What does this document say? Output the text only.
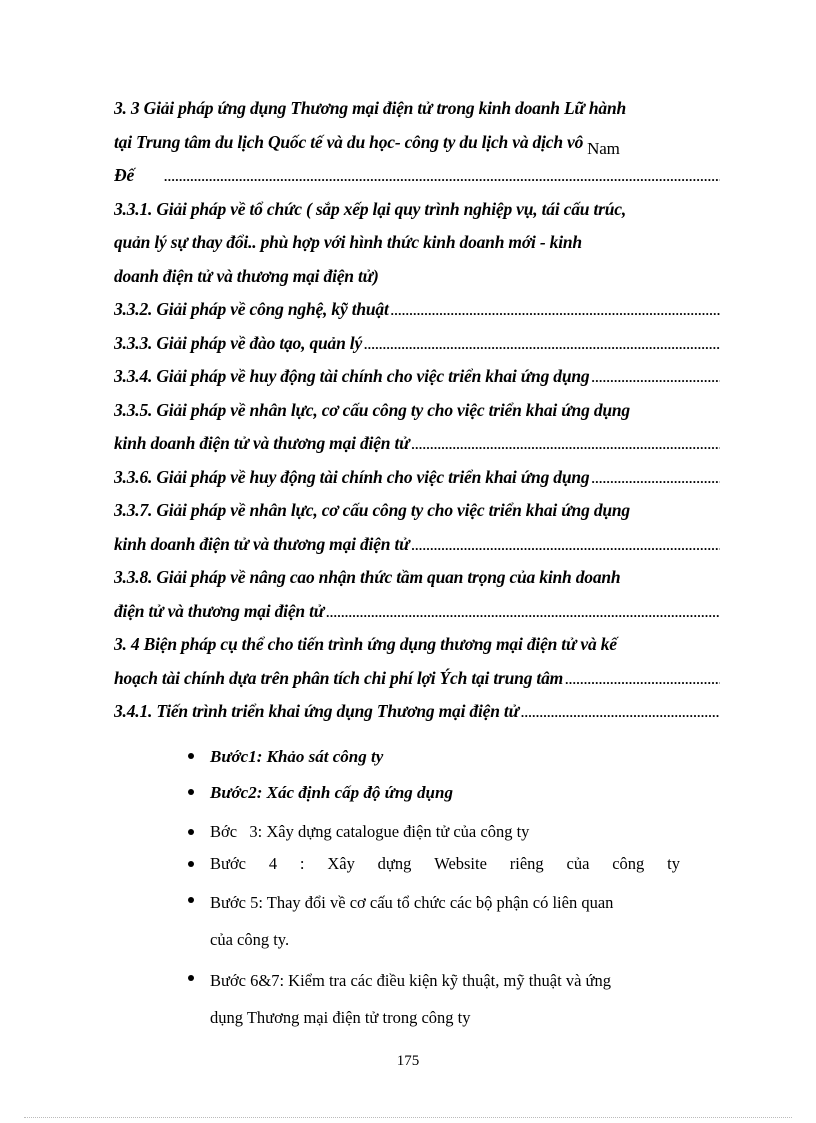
3. 3 Giải pháp ứng dụng Thương mại điện tử trong kinh doanh Lữ hành
tại Trung tâm du lịch Quốc tế và du học- công ty du lịch và dịch vô Nam
Đế
.....
3.3.1. Giải pháp về tổ chức ( sắp xếp lại quy trình nghiệp vụ, tái cấu trúc,
quản lý sự thay đổi.. phù hợp với hình thức kinh doanh mới - kinh
doanh điện tử và thương mại điện tử)
3.3.2. Giải pháp về công nghệ, kỹ thuật
.....
3.3.3. Giải pháp về đào tạo, quản lý
.....
3.3.4. Giải pháp về huy động tài chính cho việc triển khai ứng dụng
.....
3.3.5. Giải pháp về nhân lực, cơ cấu công ty cho việc triển khai ứng dụng
kinh doanh điện tử và thương mại điện tử
.....
3.3.6. Giải pháp về huy động tài chính cho việc triển khai ứng dụng
.....
3.3.7. Giải pháp về nhân lực, cơ cấu công ty cho việc triển khai ứng dụng
kinh doanh điện tử và thương mại điện tử
.....
3.3.8. Giải pháp về nâng cao nhận thức tầm quan trọng của kinh doanh
điện tử và thương mại điện tử
.....
3. 4 Biện pháp cụ thể cho tiến trình ứng dụng thương mại điện tử và kế
hoạch tài chính dựa trên phân tích chi phí lợi Ých tại trung tâm
.....
3.4.1. Tiến trình triển khai ứng dụng Thương mại điện tử
.....
Bước1: Khảo sát công ty
Bước2: Xác định cấp độ ứng dụng
Bớc   3: Xây dựng catalogue điện tử của công ty
Bước 4 : Xây dựng Website riêng của công ty
Bước 5: Thay đổi về cơ cấu tổ chức các bộ phận có liên quan
của công ty.
Bước 6&7: Kiểm tra các điều kiện kỹ thuật, mỹ thuật và ứng
dụng Thương mại điện tử trong công ty
175
